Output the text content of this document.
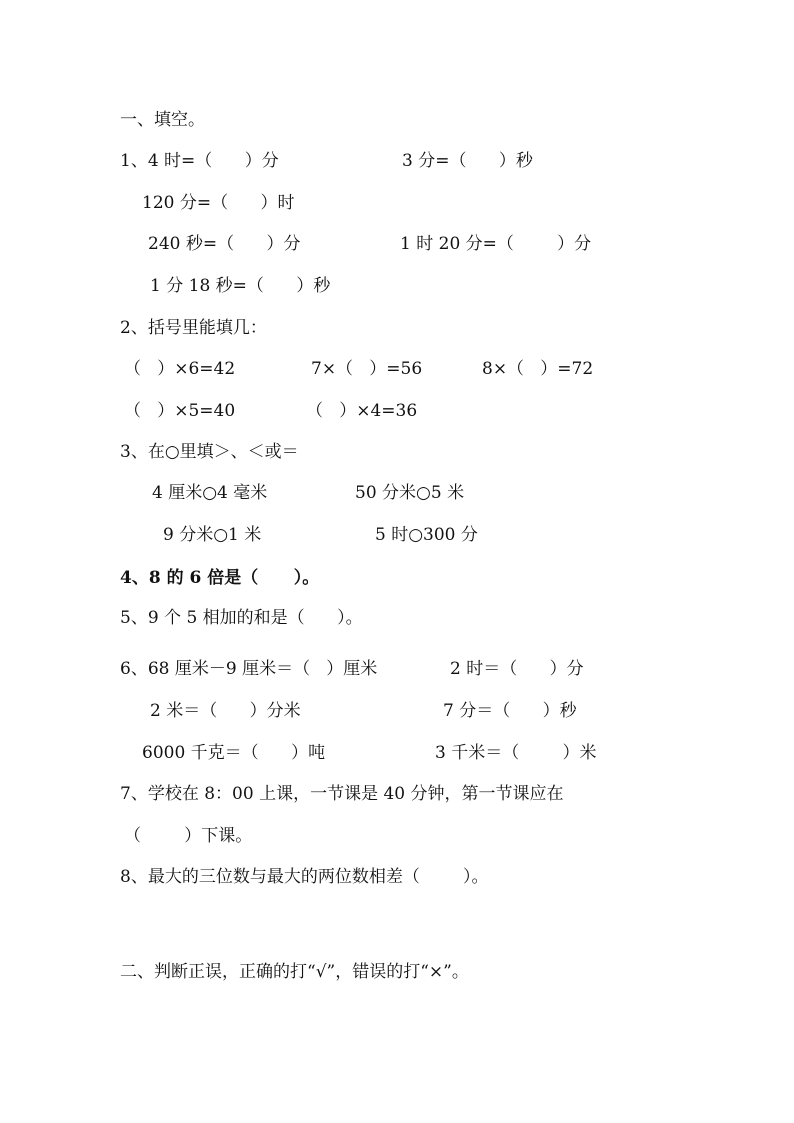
一、填空。
1、4 时=（      ）分	3 分=（      ）秒
120 分=（      ）时
240 秒=（      ）分	1 时 20 分=（        ）分
1 分 18 秒=（      ）秒
2、括号里能填几：
（   ）×6=42	7×（   ）=56	8×（   ）=72
（   ）×5=40	（   ）×4=36
3、在○里填＞、＜或＝
4 厘米○4 毫米	50 分米○5 米
9 分米○1 米	5 时○300 分
4、8 的 6 倍是（      ）。
5、9 个 5 相加的和是（      ）。
6、68 厘米－9 厘米＝（   ）厘米	2 时＝（      ）分
2 米＝（      ）分米	7 分＝（      ）秒
6000 千克＝（      ）吨	3 千米＝（        ）米
7、学校在 8：00 上课，一节课是 40 分钟，第一节课应在
（        ）下课。
8、最大的三位数与最大的两位数相差（        ）。
二、判断正误，正确的打“√”，错误的打“×”。
